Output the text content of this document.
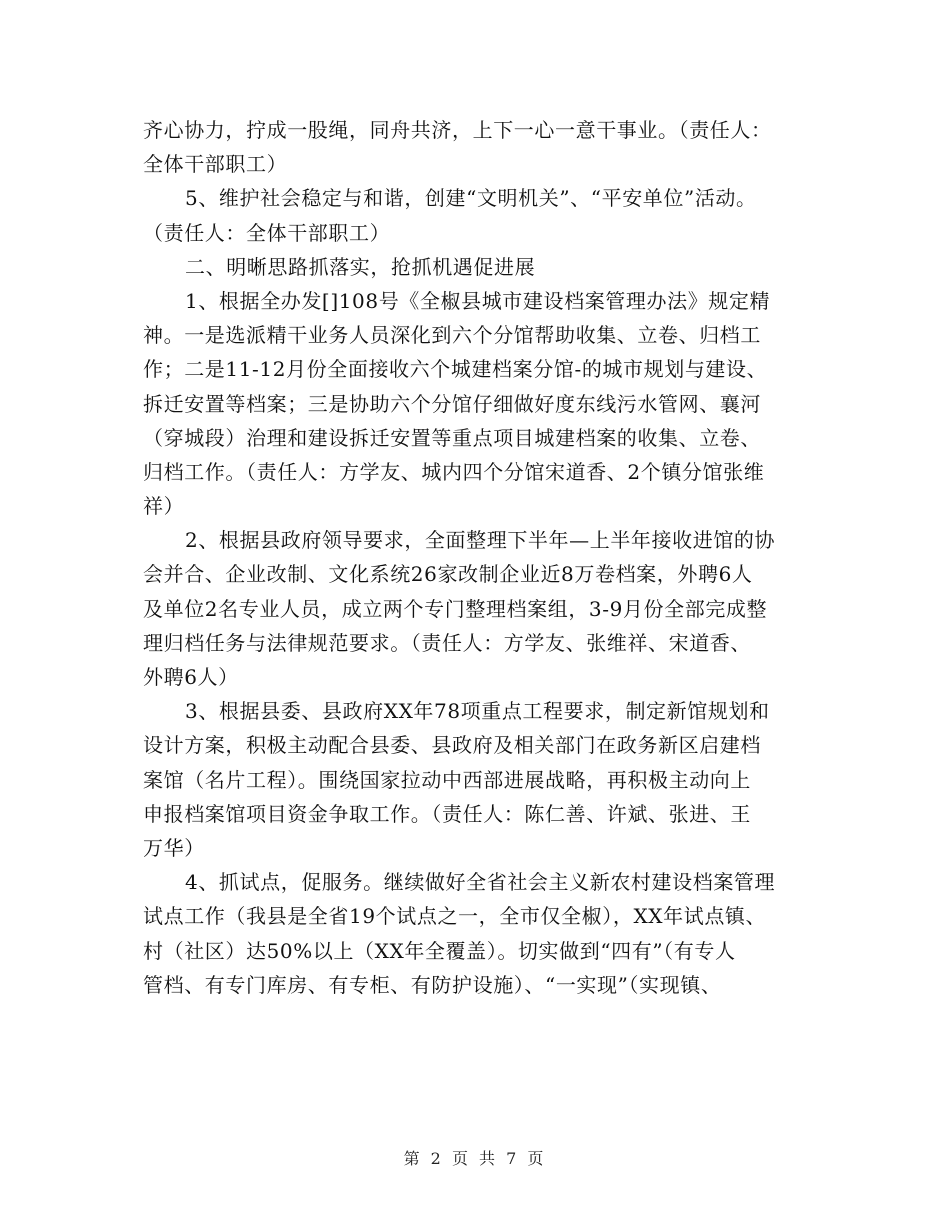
齐心协力，拧成一股绳，同舟共济，上下一心一意干事业。（责任人：
全体干部职工）
5、维护社会稳定与和谐，创建“文明机关”、“平安单位”活动。
（责任人：全体干部职工）
二、明晰思路抓落实，抢抓机遇促进展
1、根据全办发[]108号《全椒县城市建设档案管理办法》规定精
神。一是选派精干业务人员深化到六个分馆帮助收集、立卷、归档工
作；二是11-12月份全面接收六个城建档案分馆-的城市规划与建设、
拆迁安置等档案；三是协助六个分馆仔细做好度东线污水管网、襄河
（穿城段）治理和建设拆迁安置等重点项目城建档案的收集、立卷、
归档工作。（责任人：方学友、城内四个分馆宋道香、2个镇分馆张维
祥）
2、根据县政府领导要求，全面整理下半年—上半年接收进馆的协
会并合、企业改制、文化系统26家改制企业近8万卷档案，外聘6人
及单位2名专业人员，成立两个专门整理档案组，3-9月份全部完成整
理归档任务与法律规范要求。（责任人：方学友、张维祥、宋道香、
外聘6人）
3、根据县委、县政府XX年78项重点工程要求，制定新馆规划和
设计方案，积极主动配合县委、县政府及相关部门在政务新区启建档
案馆（名片工程）。围绕国家拉动中西部进展战略，再积极主动向上
申报档案馆项目资金争取工作。（责任人：陈仁善、许斌、张进、王
万华）
4、抓试点，促服务。继续做好全省社会主义新农村建设档案管理
试点工作（我县是全省19个试点之一，全市仅全椒），XX年试点镇、
村（社区）达50%以上（XX年全覆盖）。切实做到“四有”（有专人
管档、有专门库房、有专柜、有防护设施）、“一实现”（实现镇、
第 2 页 共 7 页
